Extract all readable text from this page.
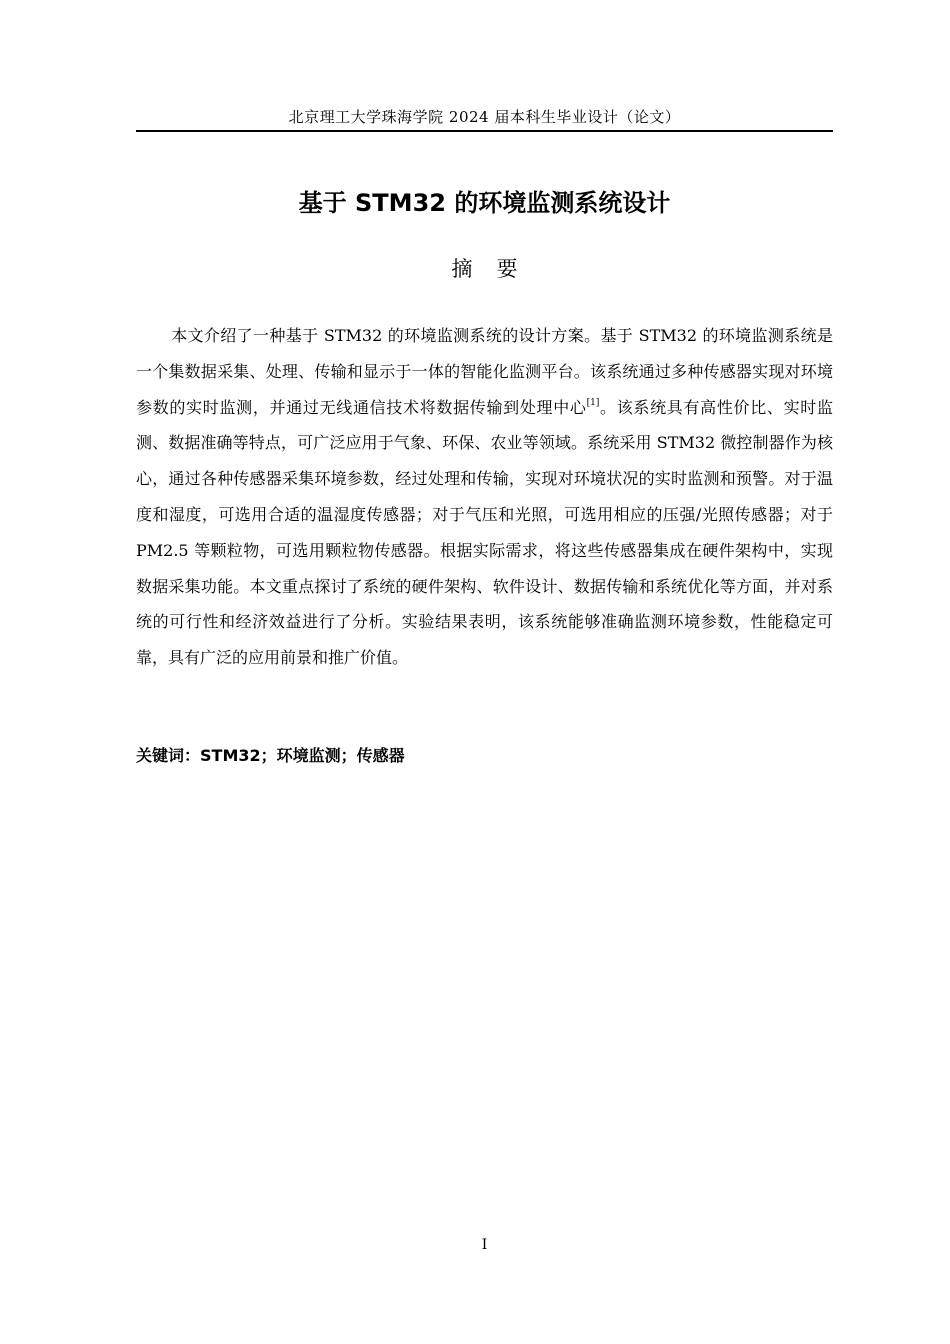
北京理工大学珠海学院 2024 届本科生毕业设计（论文）
基于 STM32 的环境监测系统设计
摘要

本文介绍了一种基于 STM32 的环境监测系统的设计方案。基于 STM32 的环境监测系统是一个集数据采集、处理、传输和显示于一体的智能化监测平台。该系统通过多种传感器实现对环境参数的实时监测，并通过无线通信技术将数据传输到处理中心[1]。该系统具有高性价比、实时监测、数据准确等特点，可广泛应用于气象、环保、农业等领域。系统采用 STM32 微控制器作为核心，通过各种传感器采集环境参数，经过处理和传输，实现对环境状况的实时监测和预警。对于温度和湿度，可选用合适的温湿度传感器；对于气压和光照，可选用相应的压强/光照传感器；对于 PM2.5 等颗粒物，可选用颗粒物传感器。根据实际需求，将这些传感器集成在硬件架构中，实现数据采集功能。本文重点探讨了系统的硬件架构、软件设计、数据传输和系统优化等方面，并对系统的可行性和经济效益进行了分析。实验结果表明，该系统能够准确监测环境参数，性能稳定可靠，具有广泛的应用前景和推广价值。

关键词：STM32；环境监测；传感器
I
